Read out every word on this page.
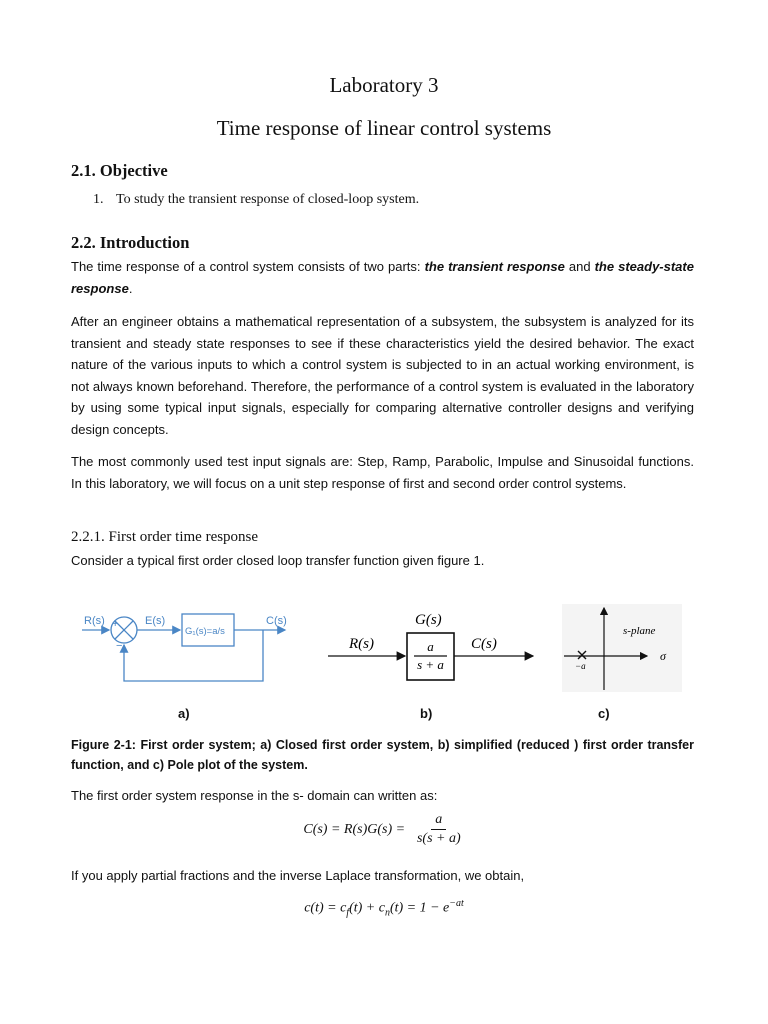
Laboratory 3
Time response of linear control systems
2.1. Objective
1. To study the transient response of closed-loop system.
2.2. Introduction
The time response of a control system consists of two parts: the transient response and the steady-state response.
After an engineer obtains a mathematical representation of a subsystem, the subsystem is analyzed for its transient and steady state responses to see if these characteristics yield the desired behavior. The exact nature of the various inputs to which a control system is subjected to in an actual working environment, is not always known beforehand. Therefore, the performance of a control system is evaluated in the laboratory by using some typical input signals, especially for comparing alternative controller designs and verifying design concepts.
The most commonly used test input signals are: Step, Ramp, Parabolic, Impulse and Sinusoidal functions. In this laboratory, we will focus on a unit step response of first and second order control systems.
2.2.1. First order time response
Consider a typical first order closed loop transfer function given figure 1.
+
−
R(s)	E(s)
G₁(s)=a/s
C(s)	G(s)
R(s)	C(s)
a
s + a
s-plane
σ
−a
a)	b)	c)
Figure 2-1: First order system; a) Closed first order system, b) simplified (reduced ) first order transfer function, and c) Pole plot of the system.
The first order system response in the s- domain can written as:
$C(s) = R(s)G(s) = \frac{a}{s(s + a)}$
If you apply partial fractions and the inverse Laplace transformation, we obtain,
$c(t) = c_f(t) + c_n(t) = 1 - e^{-at}$
